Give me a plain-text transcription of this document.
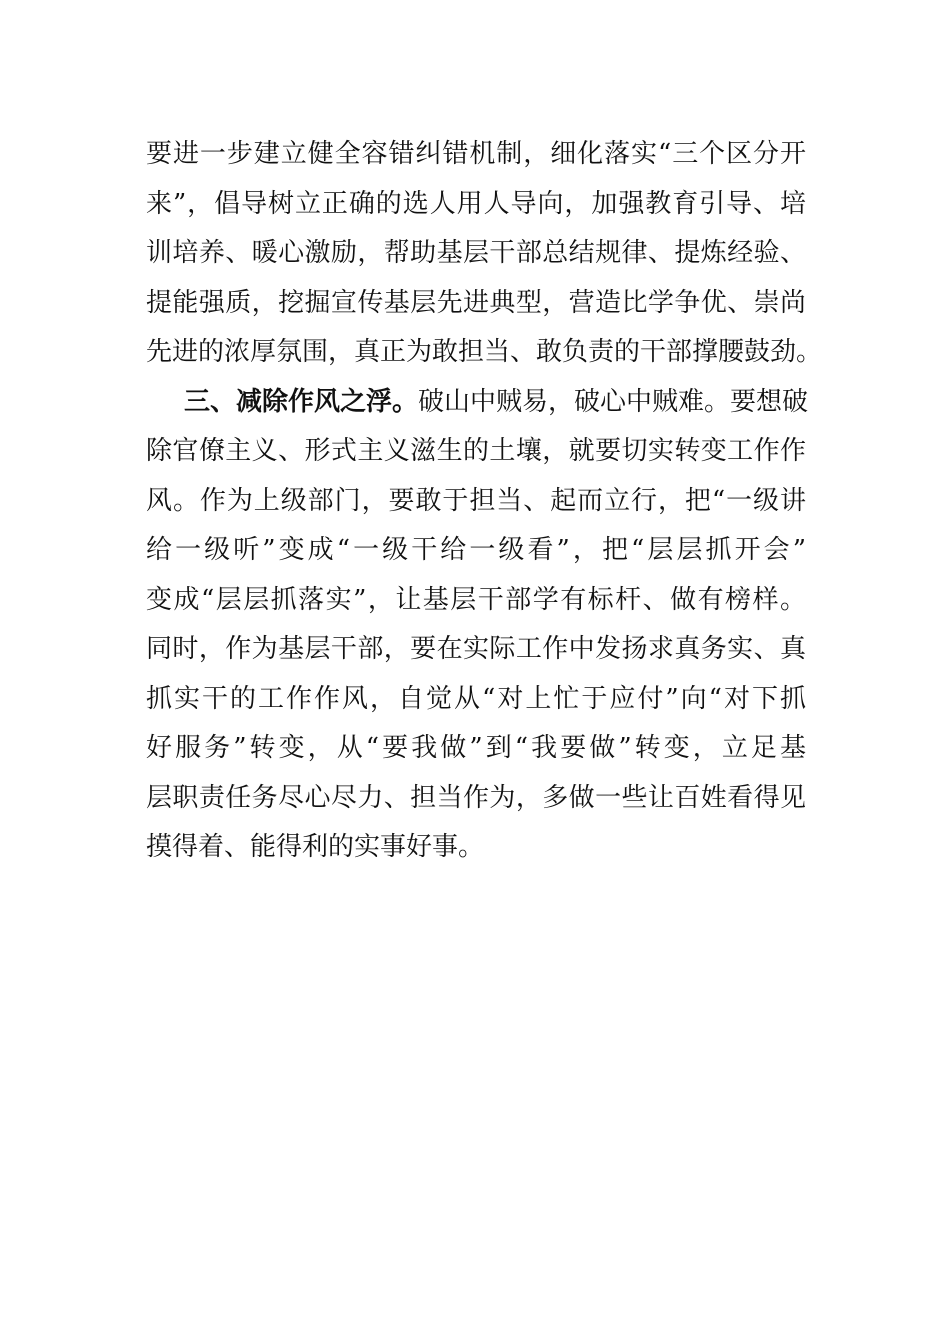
要进一步建立健全容错纠错机制，细化落实“三个区分开
来”，倡导树立正确的选人用人导向，加强教育引导、培
训培养、暖心激励，帮助基层干部总结规律、提炼经验、
提能强质，挖掘宣传基层先进典型，营造比学争优、崇尚
先进的浓厚氛围，真正为敢担当、敢负责的干部撑腰鼓劲。
三、减除作风之浮。破山中贼易，破心中贼难。要想破
除官僚主义、形式主义滋生的土壤，就要切实转变工作作
风。作为上级部门，要敢于担当、起而立行，把“一级讲
给一级听”变成“一级干给一级看”，把“层层抓开会”
变成“层层抓落实”，让基层干部学有标杆、做有榜样。
同时，作为基层干部，要在实际工作中发扬求真务实、真
抓实干的工作作风，自觉从“对上忙于应付”向“对下抓
好服务”转变，从“要我做”到“我要做”转变，立足基
层职责任务尽心尽力、担当作为，多做一些让百姓看得见
摸得着、能得利的实事好事。
